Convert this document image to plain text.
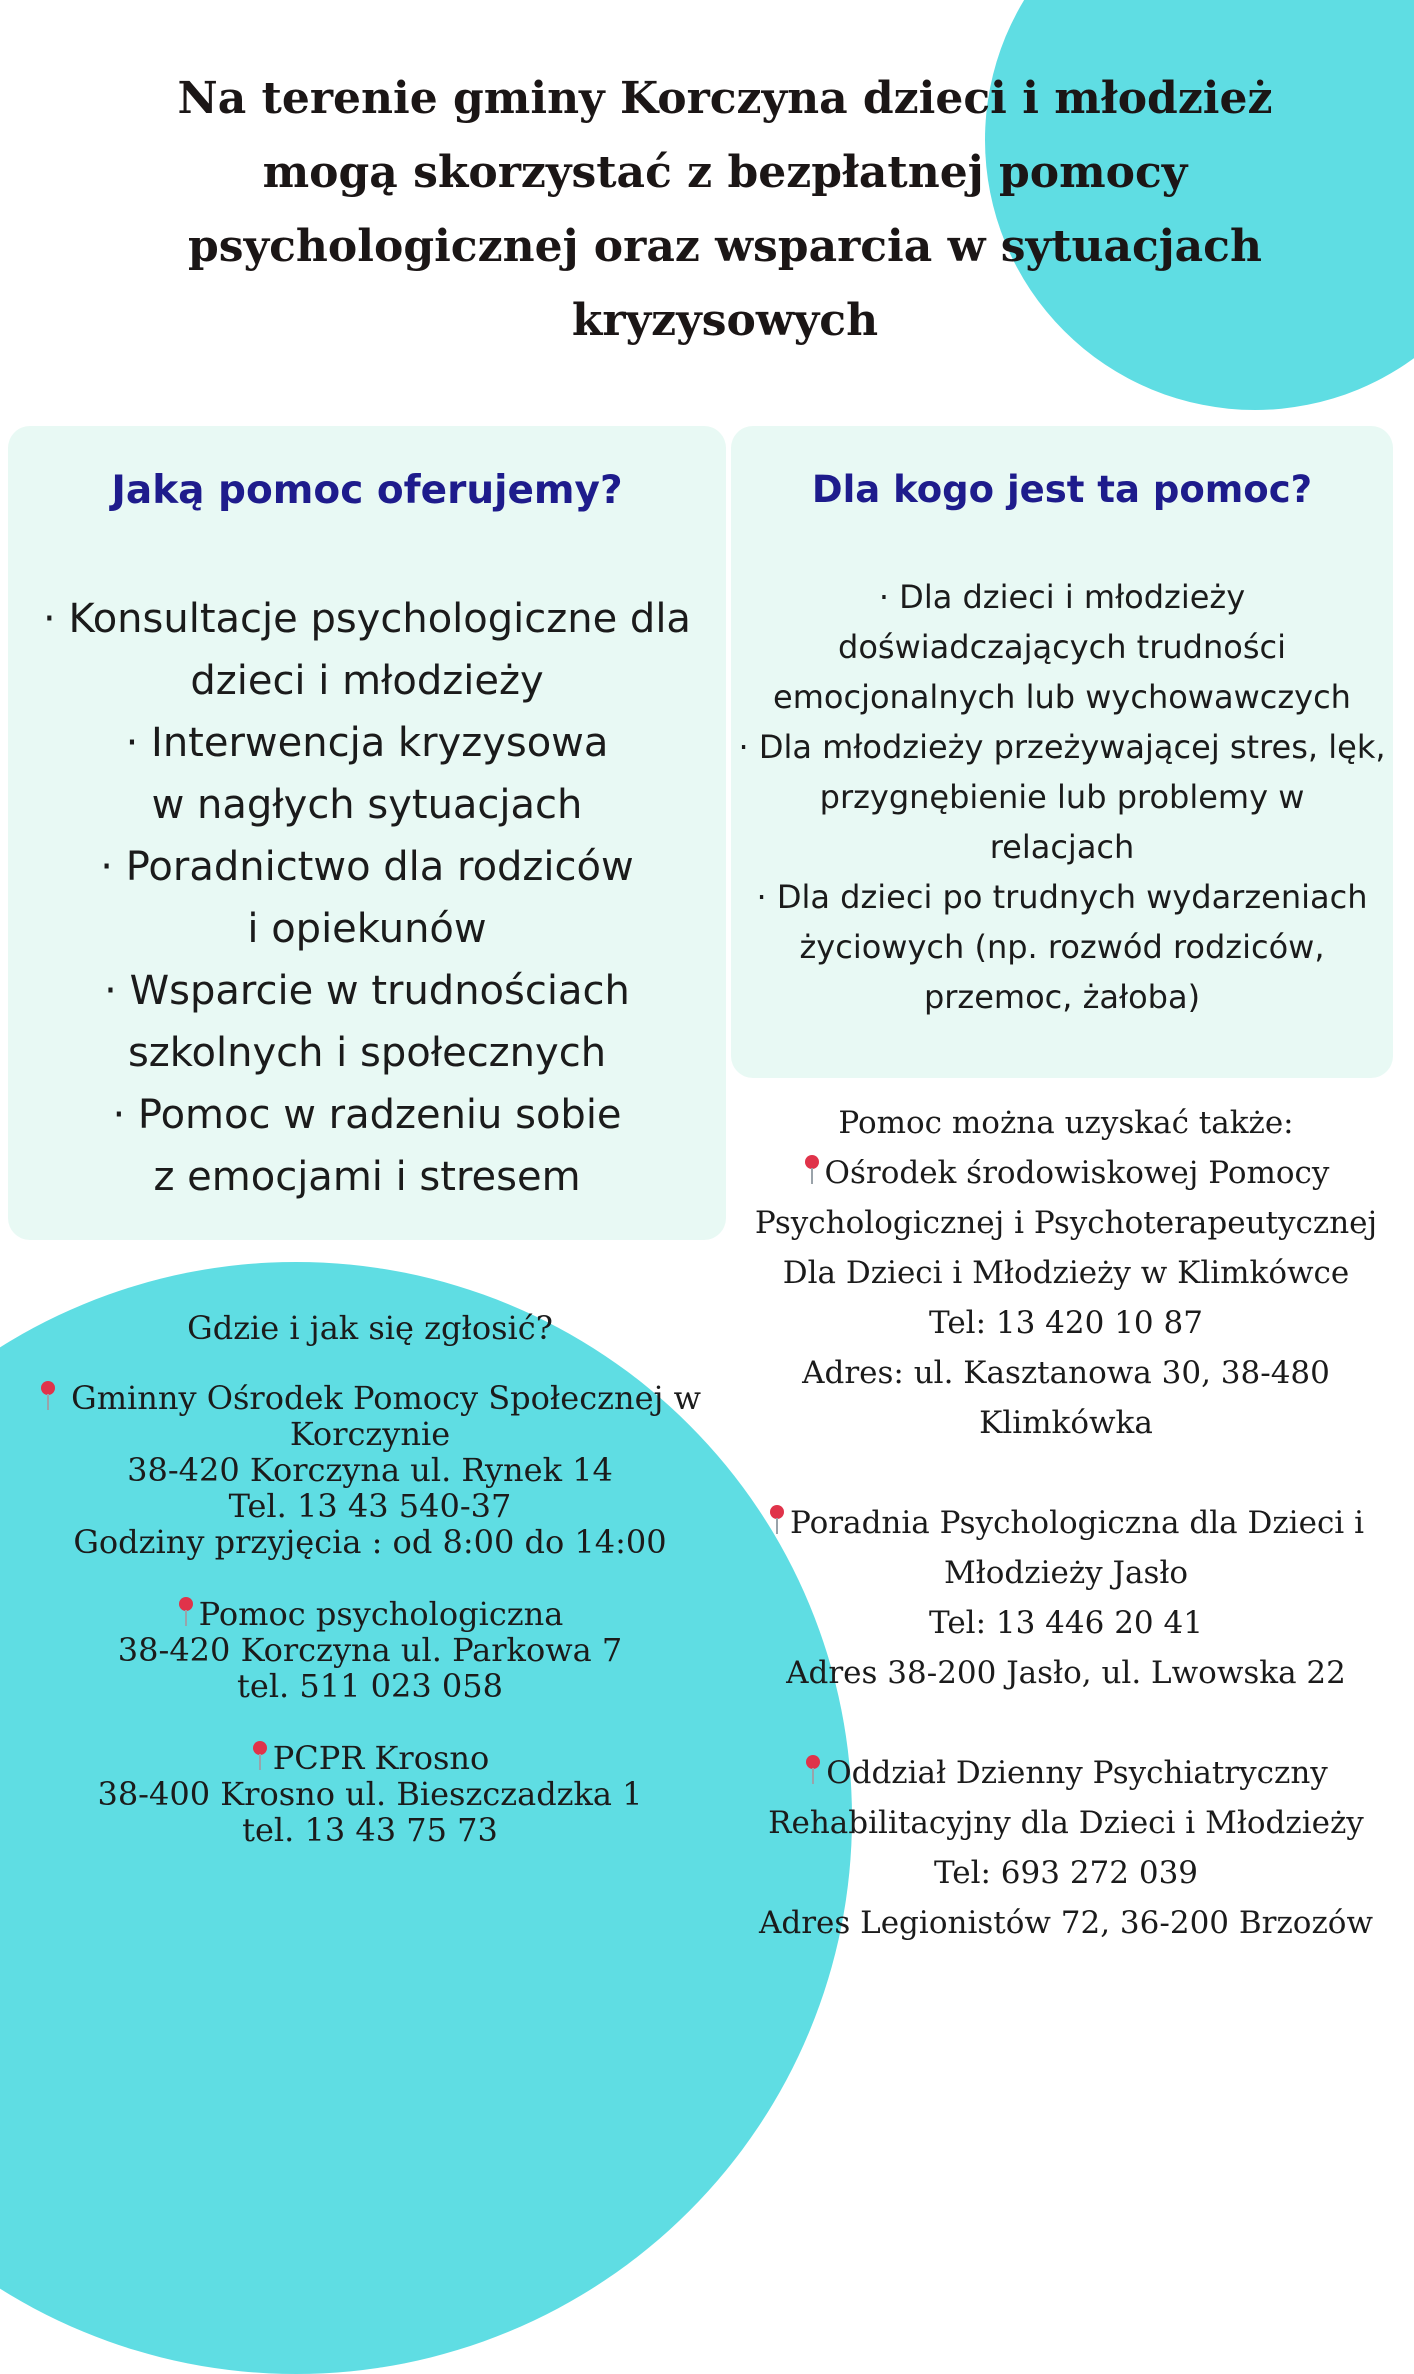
Na terenie gminy Korczyna dzieci i młodzież
mogą skorzystać z bezpłatnej pomocy
psychologicznej oraz wsparcia w sytuacjach
kryzysowych
Jaką pomoc oferujemy?
· Konsultacje psychologiczne dla
dzieci i młodzieży
· Interwencja kryzysowa
w nagłych sytuacjach
· Poradnictwo dla rodziców
i opiekunów
· Wsparcie w trudnościach
szkolnych i społecznych
· Pomoc w radzeniu sobie
z emocjami i stresem
Dla kogo jest ta pomoc?
· Dla dzieci i młodzieży
doświadczających trudności
emocjonalnych lub wychowawczych
· Dla młodzieży przeżywającej stres, lęk,
przygnębienie lub problemy w
relacjach
· Dla dzieci po trudnych wydarzeniach
życiowych (np. rozwód rodziców,
przemoc, żałoba)
Pomoc można uzyskać także:
Ośrodek środowiskowej Pomocy
Psychologicznej i Psychoterapeutycznej
Dla Dzieci i Młodzieży w Klimkówce
Tel: 13 420 10 87
Adres: ul. Kasztanowa 30, 38-480
Klimkówka
Poradnia Psychologiczna dla Dzieci i
Młodzieży Jasło
Tel: 13 446 20 41
Adres 38-200 Jasło, ul. Lwowska 22
Oddział Dzienny Psychiatryczny
Rehabilitacyjny dla Dzieci i Młodzieży
Tel: 693 272 039
Adres Legionistów 72, 36-200 Brzozów
Gdzie i jak się zgłosić?
Gminny Ośrodek Pomocy Społecznej w
Korczynie
38-420 Korczyna ul. Rynek 14
Tel. 13 43 540-37
Godziny przyjęcia : od 8:00 do 14:00
Pomoc psychologiczna
38-420 Korczyna ul. Parkowa 7
tel. 511 023 058
PCPR Krosno
38-400 Krosno ul. Bieszczadzka 1
tel. 13 43 75 73
